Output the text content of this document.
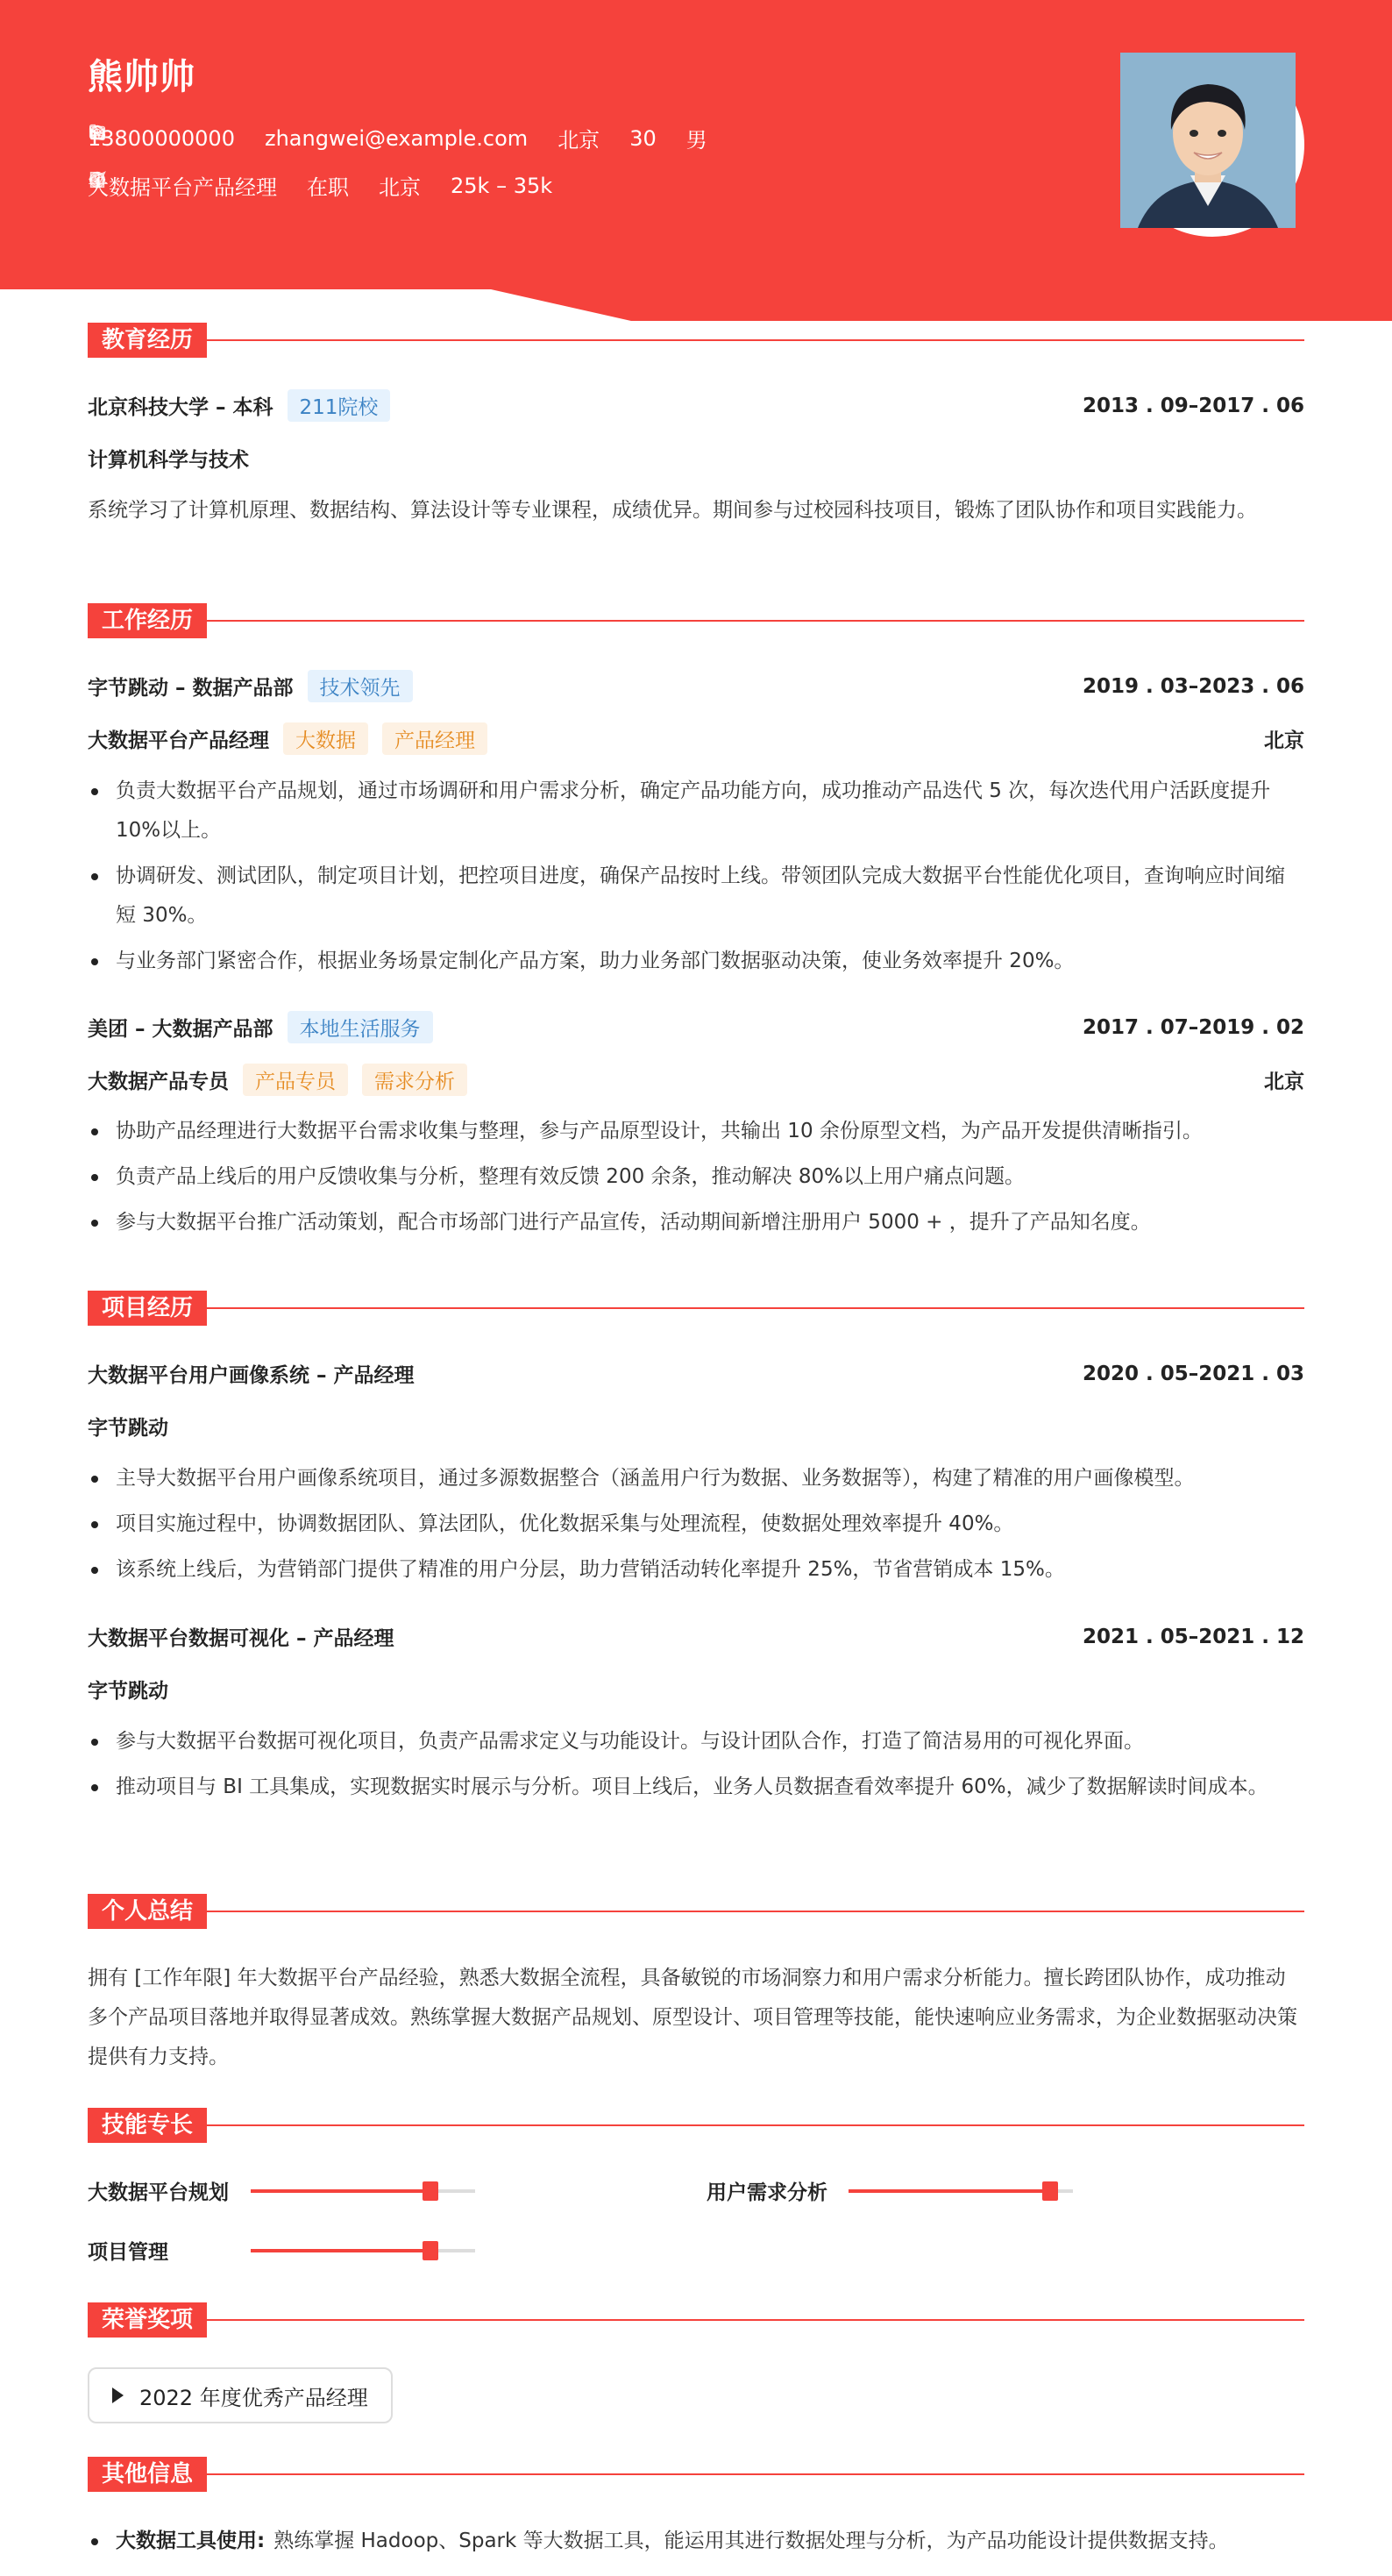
熊帅帅
13800000000 zhangwei@example.com 北京 30 男
大数据平台产品经理 在职 北京 25k – 35k
教育经历
北京科技大学 – 本科	211院校	2013 . 09–2017 . 06
计算机科学与技术
系统学习了计算机原理、数据结构、算法设计等专业课程，成绩优异。期间参与过校园科技项目，锻炼了团队协作和项目实践能力。
工作经历
字节跳动 – 数据产品部	技术领先	2019 . 03–2023 . 06
大数据平台产品经理	大数据	产品经理	北京
负责大数据平台产品规划，通过市场调研和用户需求分析，确定产品功能方向，成功推动产品迭代 5 次，每次迭代用户活跃度提升 10%以上。
协调研发、测试团队，制定项目计划，把控项目进度，确保产品按时上线。带领团队完成大数据平台性能优化项目，查询响应时间缩短 30%。
与业务部门紧密合作，根据业务场景定制化产品方案，助力业务部门数据驱动决策，使业务效率提升 20%。
美团 – 大数据产品部	本地生活服务	2017 . 07–2019 . 02
大数据产品专员	产品专员	需求分析	北京
协助产品经理进行大数据平台需求收集与整理，参与产品原型设计，共输出 10 余份原型文档，为产品开发提供清晰指引。
负责产品上线后的用户反馈收集与分析，整理有效反馈 200 余条，推动解决 80%以上用户痛点问题。
参与大数据平台推广活动策划，配合市场部门进行产品宣传，活动期间新增注册用户 5000 + ，提升了产品知名度。
项目经历
大数据平台用户画像系统 – 产品经理	2020 . 05–2021 . 03
字节跳动
主导大数据平台用户画像系统项目，通过多源数据整合（涵盖用户行为数据、业务数据等），构建了精准的用户画像模型。
项目实施过程中，协调数据团队、算法团队，优化数据采集与处理流程，使数据处理效率提升 40%。
该系统上线后，为营销部门提供了精准的用户分层，助力营销活动转化率提升 25%，节省营销成本 15%。
大数据平台数据可视化 – 产品经理	2021 . 05–2021 . 12
字节跳动
参与大数据平台数据可视化项目，负责产品需求定义与功能设计。与设计团队合作，打造了简洁易用的可视化界面。
推动项目与 BI 工具集成，实现数据实时展示与分析。项目上线后，业务人员数据查看效率提升 60%，减少了数据解读时间成本。
个人总结
拥有 [工作年限] 年大数据平台产品经验，熟悉大数据全流程，具备敏锐的市场洞察力和用户需求分析能力。擅长跨团队协作，成功推动多个产品项目落地并取得显著成效。熟练掌握大数据产品规划、原型设计、项目管理等技能，能快速响应业务需求，为企业数据驱动决策提供有力支持。
技能专长
大数据平台规划	用户需求分析
项目管理
荣誉奖项
2022 年度优秀产品经理
其他信息
大数据工具使用: 熟练掌握 Hadoop、Spark 等大数据工具，能运用其进行数据处理与分析，为产品功能设计提供数据支持。
